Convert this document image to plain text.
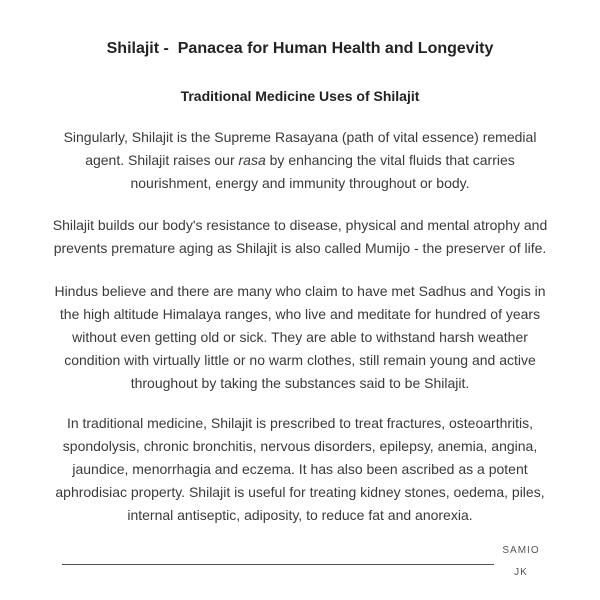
Shilajit -  Panacea for Human Health and Longevity
Traditional Medicine Uses of Shilajit
Singularly, Shilajit is the Supreme Rasayana (path of vital essence) remedial
agent. Shilajit raises our rasa by enhancing the vital fluids that carries
nourishment, energy and immunity throughout or body.
Shilajit builds our body's resistance to disease, physical and mental atrophy and
prevents premature aging as Shilajit is also called Mumijo - the preserver of life.
Hindus believe and there are many who claim to have met Sadhus and Yogis in
the high altitude Himalaya ranges, who live and meditate for hundred of years
without even getting old or sick. They are able to withstand harsh weather
condition with virtually little or no warm clothes, still remain young and active
throughout by taking the substances said to be Shilajit.
In traditional medicine, Shilajit is prescribed to treat fractures, osteoarthritis,
spondolysis, chronic bronchitis, nervous disorders, epilepsy, anemia, angina,
jaundice, menorrhagia and eczema. It has also been ascribed as a potent
aphrodisiac property. Shilajit is useful for treating kidney stones, oedema, piles,
internal antiseptic, adiposity, to reduce fat and anorexia.
SAMIO
JK
